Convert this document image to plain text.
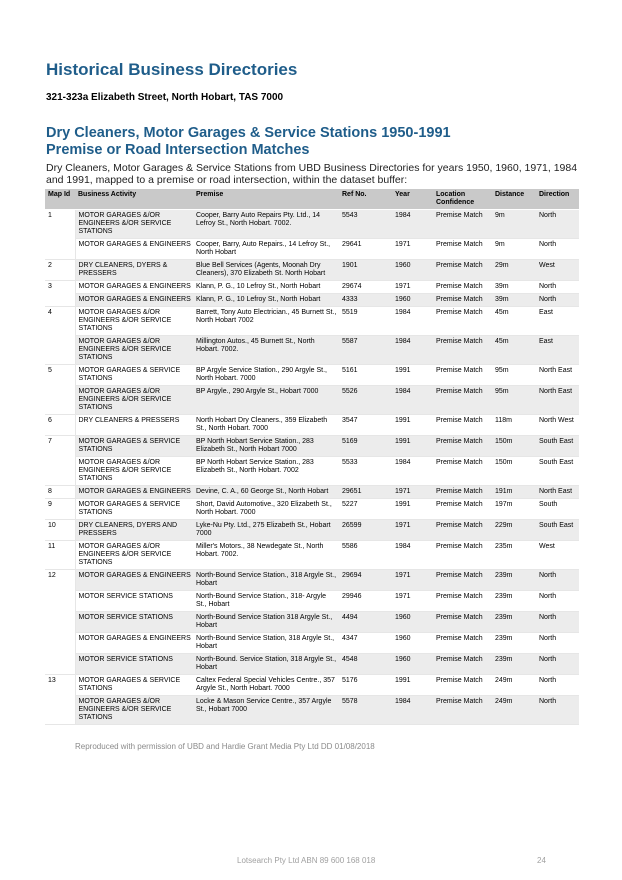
Historical Business Directories
321-323a Elizabeth Street, North Hobart, TAS 7000
Dry Cleaners, Motor Garages & Service Stations 1950-1991
Premise or Road Intersection Matches
Dry Cleaners, Motor Garages & Service Stations from UBD Business Directories for years 1950, 1960, 1971, 1984 and 1991, mapped to a premise or road intersection, within the dataset buffer:
Map Id	Business Activity	Premise	Ref No.	Year	Location Confidence	Distance	Direction
1	MOTOR GARAGES &/OR ENGINEERS &/OR SERVICE STATIONS	Cooper, Barry Auto Repairs Pty. Ltd., 14 Lefroy St., North Hobart. 7002.	5543	1984	Premise Match	9m	North
	MOTOR GARAGES & ENGINEERS	Cooper, Barry, Auto Repairs., 14 Lefroy St., North Hobart	29641	1971	Premise Match	9m	North
2	DRY CLEANERS, DYERS & PRESSERS	Blue Bell Services (Agents, Moonah Dry Cleaners), 370 Elizabeth St. North Hobart	1901	1960	Premise Match	29m	West
3	MOTOR GARAGES & ENGINEERS	Klann, P. G., 10 Lefroy St., North Hobart	29674	1971	Premise Match	39m	North
	MOTOR GARAGES & ENGINEERS	Klann, P. G., 10 Lefroy St., North Hobart	4333	1960	Premise Match	39m	North
4	MOTOR GARAGES &/OR ENGINEERS &/OR SERVICE STATIONS	Barrett, Tony Auto Electrician., 45 Burnett St., North Hobart 7002	5519	1984	Premise Match	45m	East
	MOTOR GARAGES &/OR ENGINEERS &/OR SERVICE STATIONS	Millington Autos., 45 Burnett St., North Hobart. 7002.	5587	1984	Premise Match	45m	East
5	MOTOR GARAGES & SERVICE STATIONS	BP Argyle Service Station., 290 Argyle St., North Hobart. 7000	5161	1991	Premise Match	95m	North East
	MOTOR GARAGES &/OR ENGINEERS &/OR SERVICE STATIONS	BP Argyle., 290 Argyle St., Hobart 7000	5526	1984	Premise Match	95m	North East
6	DRY CLEANERS & PRESSERS	North Hobart Dry Cleaners., 359 Elizabeth St., North Hobart. 7000	3547	1991	Premise Match	118m	North West
7	MOTOR GARAGES & SERVICE STATIONS	BP North Hobart Service Station., 283 Elizabeth St., North Hobart 7000	5169	1991	Premise Match	150m	South East
	MOTOR GARAGES &/OR ENGINEERS &/OR SERVICE STATIONS	BP North Hobart Service Station., 283 Elizabeth St., North Hobart. 7002	5533	1984	Premise Match	150m	South East
8	MOTOR GARAGES & ENGINEERS	Devine, C. A., 60 George St., North Hobart	29651	1971	Premise Match	191m	North East
9	MOTOR GARAGES & SERVICE STATIONS	Short, David Automotive., 320 Elizabeth St., North Hobart. 7000	5227	1991	Premise Match	197m	South
10	DRY CLEANERS, DYERS AND PRESSERS	Lyke-Nu Pty. Ltd., 275 Elizabeth St., Hobart 7000	26599	1971	Premise Match	229m	South East
11	MOTOR GARAGES &/OR ENGINEERS &/OR SERVICE STATIONS	Miller's Motors., 38 Newdegate St., North Hobart. 7002.	5586	1984	Premise Match	235m	West
12	MOTOR GARAGES & ENGINEERS	North-Bound Service Station., 318 Argyle St., Hobart	29694	1971	Premise Match	239m	North
	MOTOR SERVICE STATIONS	North-Bound Service Station., 318- Argyle St., Hobart	29946	1971	Premise Match	239m	North
	MOTOR SERVICE STATIONS	North-Bound Service Station 318 Argyle St., Hobart	4494	1960	Premise Match	239m	North
	MOTOR GARAGES & ENGINEERS	North-Bound Service Station, 318 Argyle St., Hobart	4347	1960	Premise Match	239m	North
	MOTOR SERVICE STATIONS	North-Bound. Service Station, 318 Argyle St., Hobart	4548	1960	Premise Match	239m	North
13	MOTOR GARAGES & SERVICE STATIONS	Caltex Federal Special Vehicles Centre., 357 Argyle St., North Hobart. 7000	5176	1991	Premise Match	249m	North
	MOTOR GARAGES &/OR ENGINEERS &/OR SERVICE STATIONS	Locke & Mason Service Centre., 357 Argyle St., Hobart 7000	5578	1984	Premise Match	249m	North
Reproduced with permission of UBD and Hardie Grant Media Pty Ltd DD 01/08/2018
Lotsearch Pty Ltd ABN 89 600 168 018	24
